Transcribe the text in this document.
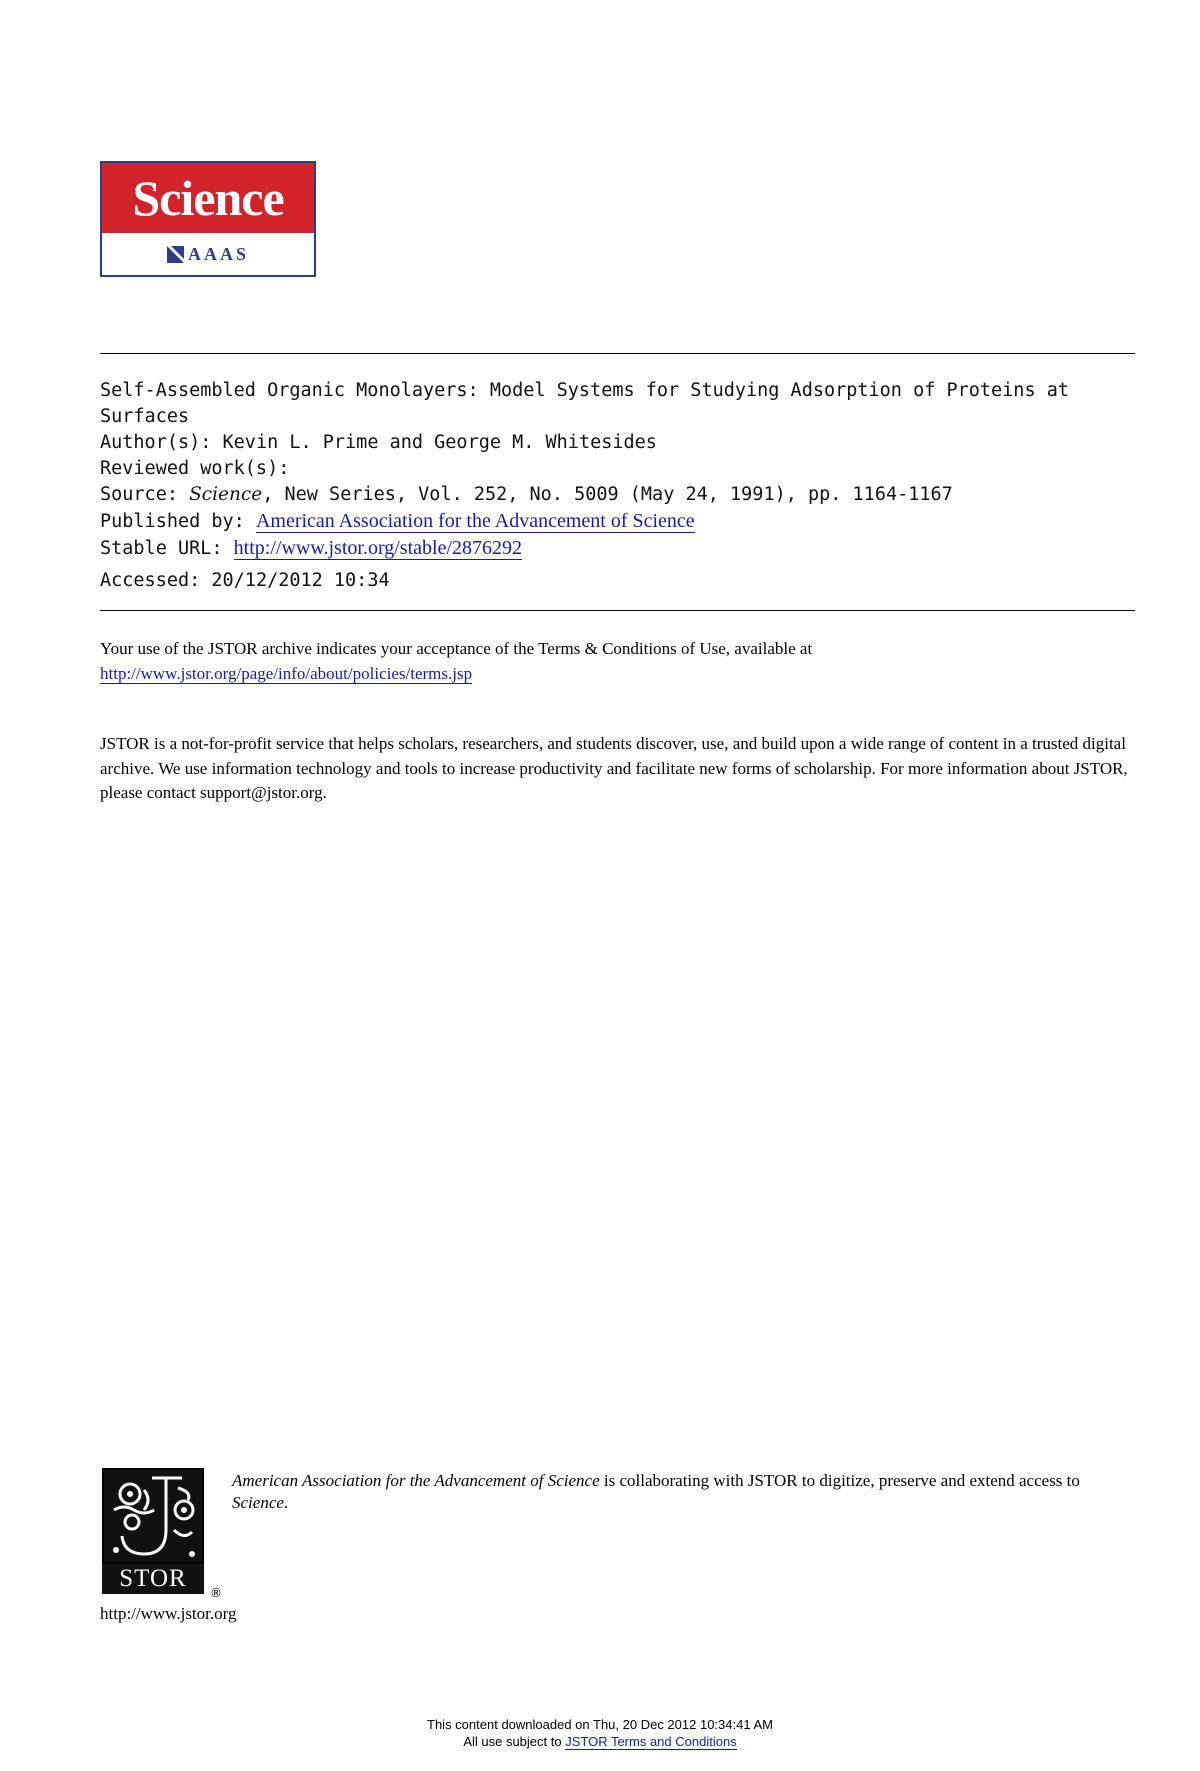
Science
AAAS
Self-Assembled Organic Monolayers: Model Systems for Studying Adsorption of Proteins at Surfaces
Author(s): Kevin L. Prime and George M. Whitesides
Reviewed work(s):
Source: Science, New Series, Vol. 252, No. 5009 (May 24, 1991), pp. 1164-1167
Published by: American Association for the Advancement of Science
Stable URL: http://www.jstor.org/stable/2876292
Accessed: 20/12/2012 10:34
Your use of the JSTOR archive indicates your acceptance of the Terms & Conditions of Use, available at
http://www.jstor.org/page/info/about/policies/terms.jsp
JSTOR is a not-for-profit service that helps scholars, researchers, and students discover, use, and build upon a wide range of content in a trusted digital archive. We use information technology and tools to increase productivity and facilitate new forms of scholarship. For more information about JSTOR, please contact support@jstor.org.
STOR
®
http://www.jstor.org
American Association for the Advancement of Science is collaborating with JSTOR to digitize, preserve and extend access to Science.
This content downloaded on Thu, 20 Dec 2012 10:34:41 AM
All use subject to JSTOR Terms and Conditions
